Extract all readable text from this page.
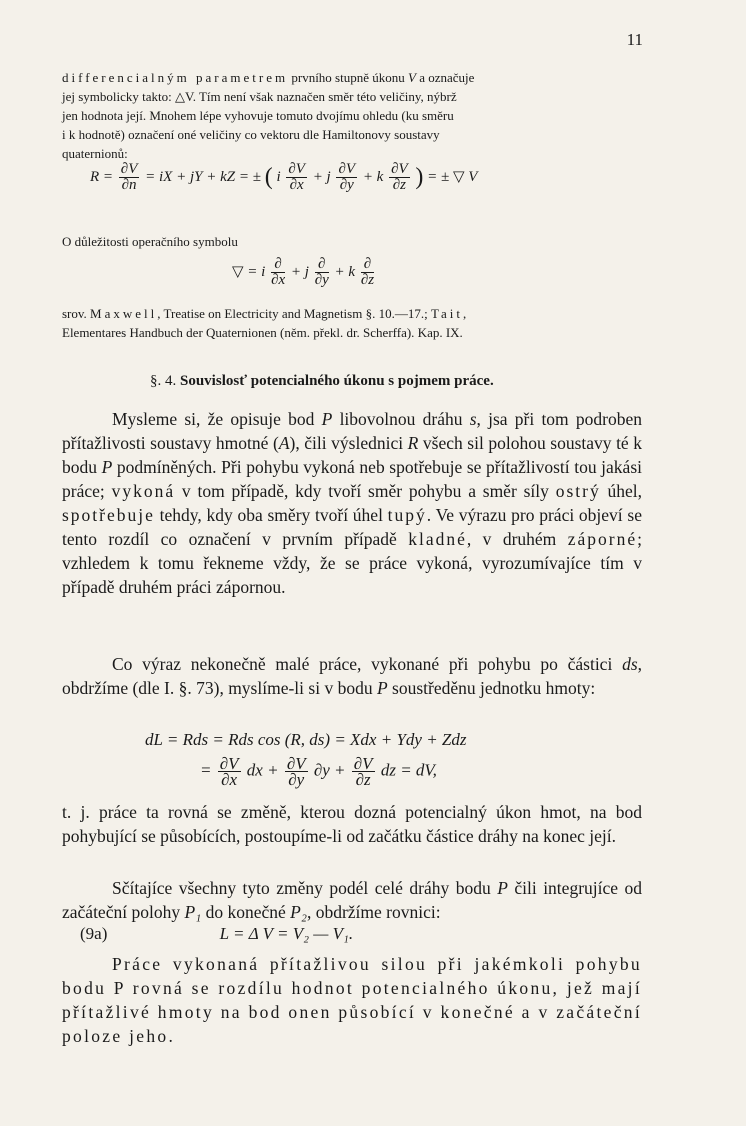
11

differencialným parametrem prvního stupně úkonu V a označuje

jej symbolicky takto: △V. Tím není však naznačen směr této veličiny, nýbrž

jen hodnota její. Mnohem lépe vyhovuje tomuto dvojímu ohledu (ku směru

i k hodnotě) označení oné veličiny co vektoru dle Hamiltonovy soustavy

quaternionů:

$R = \frac{\partial V}{\partial n}$ = iX + jY + kZ = ± ( i $\frac{\partial V}{\partial x} + j \frac{\partial V}{\partial y} + k \frac{\partial V}{\partial z}$ ) = ± ▽ V
O důležitosti operačního symbolu
▽ = i $\frac{\partial}{\partial x} + j \frac{\partial}{\partial y} + k \frac{\partial}{\partial z}$

srov. Maxwell, Treatise on Electricity and Magnetism §. 10.—17.; Tait,

Elementares Handbuch der Quaternionen (něm. překl. dr. Scherffa). Kap. IX.

§. 4. Souvislosť potencialného úkonu s pojmem práce.

Mysleme si, že opisuje bod P libovolnou dráhu s, jsa při tom podroben přítažlivosti soustavy hmotné (A), čili výslednici R všech sil polohou soustavy té k bodu P podmíněných. Při pohybu vykoná neb spotřebuje se přítažlivostí tou jakási práce; vykoná v tom případě, kdy tvoří směr pohybu a směr síly ostrý úhel, spotřebuje tehdy, kdy oba směry tvoří úhel tupý. Ve výrazu pro práci objeví se tento rozdíl co označení v prvním případě kladné, v druhém záporné; vzhledem k tomu řekneme vždy, že se práce vykoná, vyrozumívajíce tím v případě druhém práci zápornou.

Co výraz nekonečně malé práce, vykonané při pohybu po částici ds, obdržíme (dle I. §. 73), myslíme-li si v bodu P soustředěnu jednotku hmoty:

dL = Rds = Rds cos (R, ds) = Xdx + Ydy + Zdz
= $\frac{\partial V}{\partial x}$ dx + $\frac{\partial V}{\partial y} \partial y + \frac{\partial V}{\partial z}$ dz = dV,

t. j. práce ta rovná se změně, kterou dozná potencialný úkon hmot, na bod pohybující se působících, postoupíme-li od začátku částice dráhy na konec její.

Sčítajíce všechny tyto změny podél celé dráhy bodu P čili integrujíce od začáteční polohy P₁ do konečné P₂, obdržíme rovnici:

(9a)	L = Δ V = V₂ — V₁.

Práce vykonaná přítažlivou silou při jakémkoli pohybu bodu P rovná se rozdílu hodnot potencialného úkonu, jež mají přítažlivé hmoty na bod onen působící v konečné a v začáteční poloze jeho.
